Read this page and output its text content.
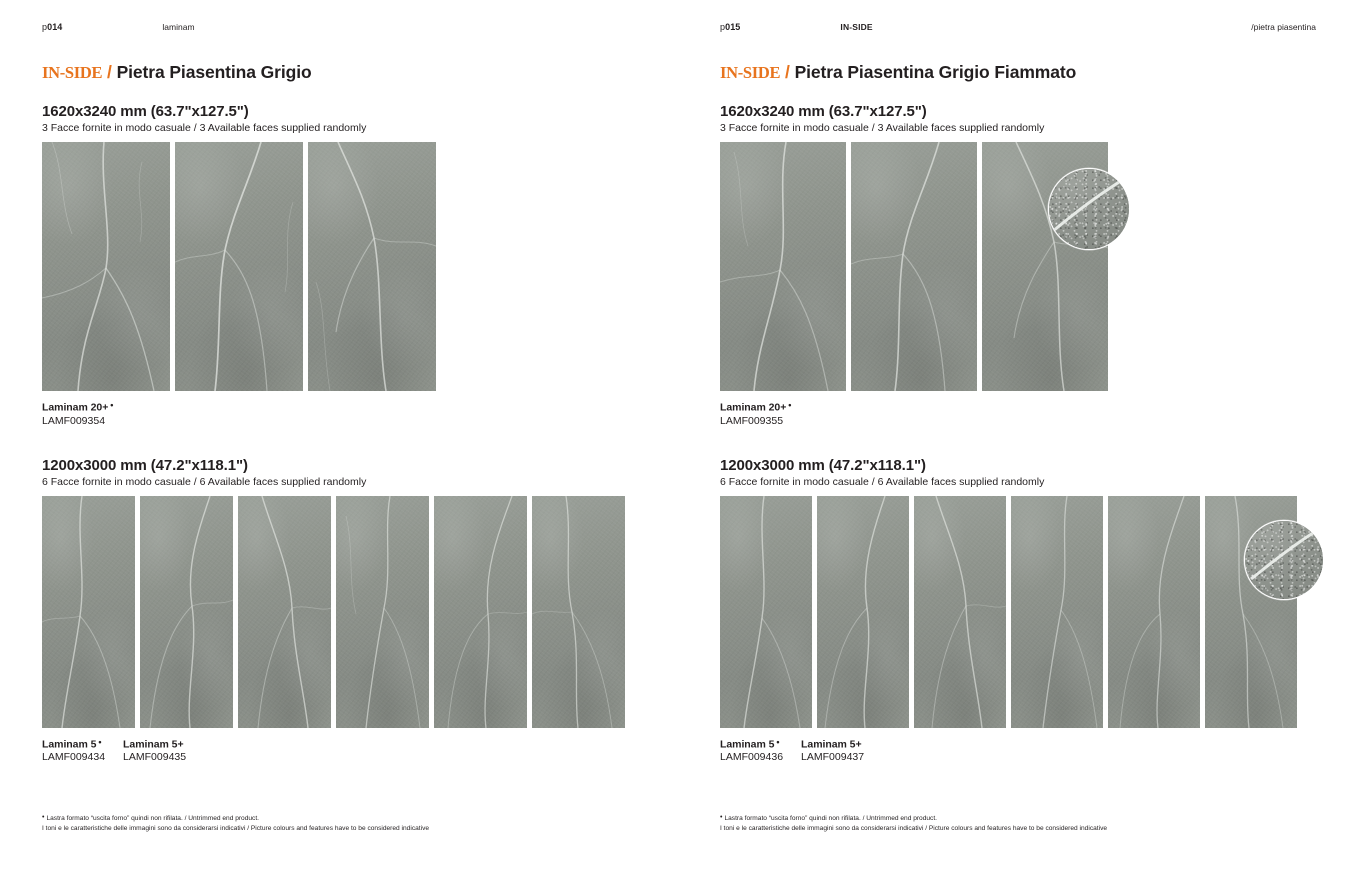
p014	laminam
IN-SIDE / Pietra Piasentina Grigio
1620x3240 mm (63.7"x127.5")
3 Facce fornite in modo casuale / 3 Available faces supplied randomly
Laminam 20+ •
LAMF009354
1200x3000 mm (47.2"x118.1")
6 Facce fornite in modo casuale / 6 Available faces supplied randomly
Laminam 5 •
LAMF009434
Laminam 5+
LAMF009435
• Lastra formato “uscita forno” quindi non rifilata. / Untrimmed end product.
I toni e le caratteristiche delle immagini sono da considerarsi indicativi / Picture colours and features have to be considered indicative
p015	IN-SIDE	/pietra piasentina
IN-SIDE / Pietra Piasentina Grigio Fiammato
1620x3240 mm (63.7"x127.5")
3 Facce fornite in modo casuale / 3 Available faces supplied randomly
Laminam 20+ •
LAMF009355
1200x3000 mm (47.2"x118.1")
6 Facce fornite in modo casuale / 6 Available faces supplied randomly
Laminam 5 •
LAMF009436
Laminam 5+
LAMF009437
• Lastra formato “uscita forno” quindi non rifilata. / Untrimmed end product.
I toni e le caratteristiche delle immagini sono da considerarsi indicativi / Picture colours and features have to be considered indicative
